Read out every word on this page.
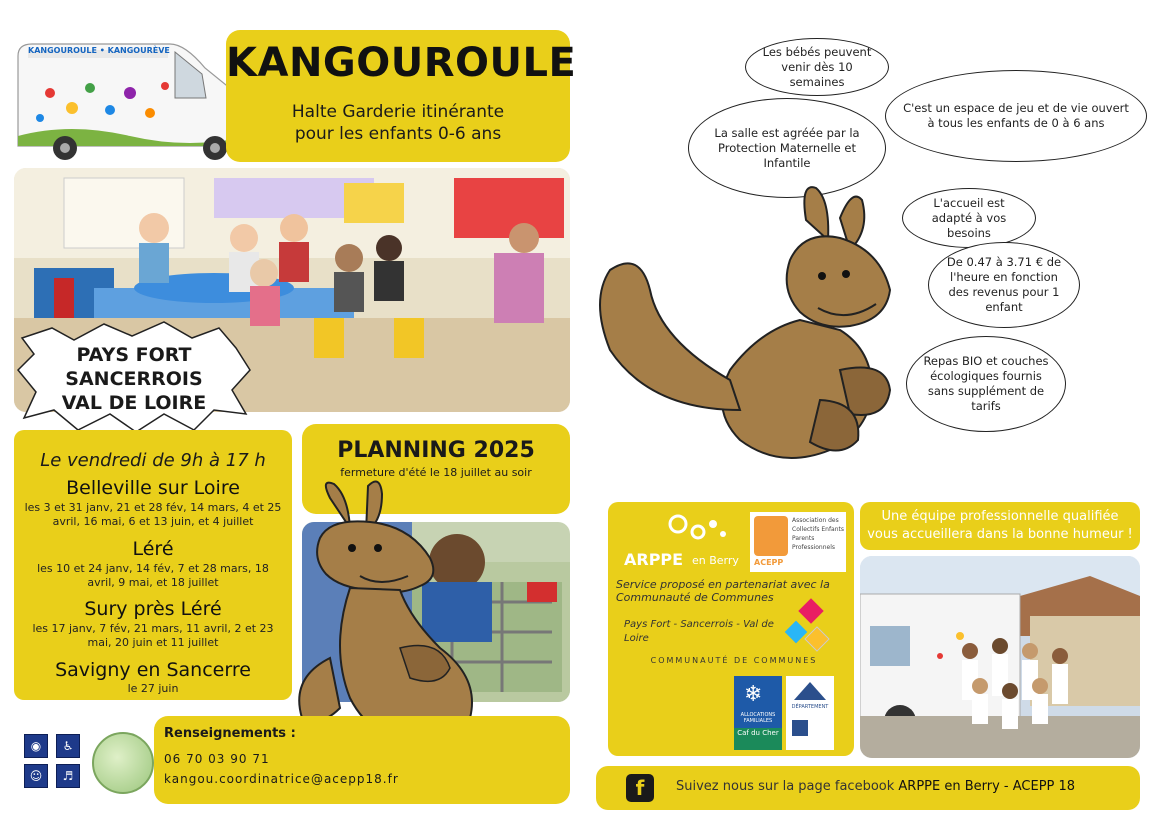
KANGOUROULE • KANGOURÈVE KANGOUROULE
Halte Garderie itinérante
pour les enfants 0-6 ans
PAYS FORT
SANCERROIS
VAL DE LOIRE
Le vendredi de 9h à 17 h
Belleville sur Loire
les 3 et 31 janv, 21 et 28 fév, 14 mars, 4 et 25 avril, 16 mai, 6 et 13 juin, et 4 juillet
Léré
les 10 et 24 janv, 14 fév, 7 et 28 mars, 18 avril, 9 mai, et 18 juillet
Sury près Léré
les 17 janv, 7 fév, 21 mars, 11 avril, 2 et 23 mai, 20 juin et 11 juillet
Savigny en Sancerre
le 27 juin
PLANNING 2025
fermeture d'été le 18 juillet au soir
◉	♿
☺	♬
Renseignements :
06 70 03 90 71
kangou.coordinatrice@acepp18.fr
Les bébés peuvent venir dès 10 semaines
C'est un espace de jeu et de vie ouvert à tous les enfants de 0 à 6 ans
La salle est agréée par la Protection Maternelle et Infantile
L'accueil est adapté à vos besoins
De 0.47 à 3.71 € de l'heure en fonction des revenus pour 1 enfant
Repas BIO et couches écologiques fournis sans supplément de tarifs
ARPPE en Berry ACEPP
Association des Collectifs Enfants Parents Professionnels
Service proposé en partenariat avec la Communauté de Communes
Pays Fort - Sancerrois - Val de Loire
COMMUNAUTÉ DE COMMUNES
❄
ALLOCATIONS FAMILIALES
Caf du Cher
DÉPARTEMENT
Une équipe professionnelle qualifiée vous accueillera dans la bonne humeur !
f	Suivez nous sur la page facebook ARPPE en Berry - ACEPP 18
